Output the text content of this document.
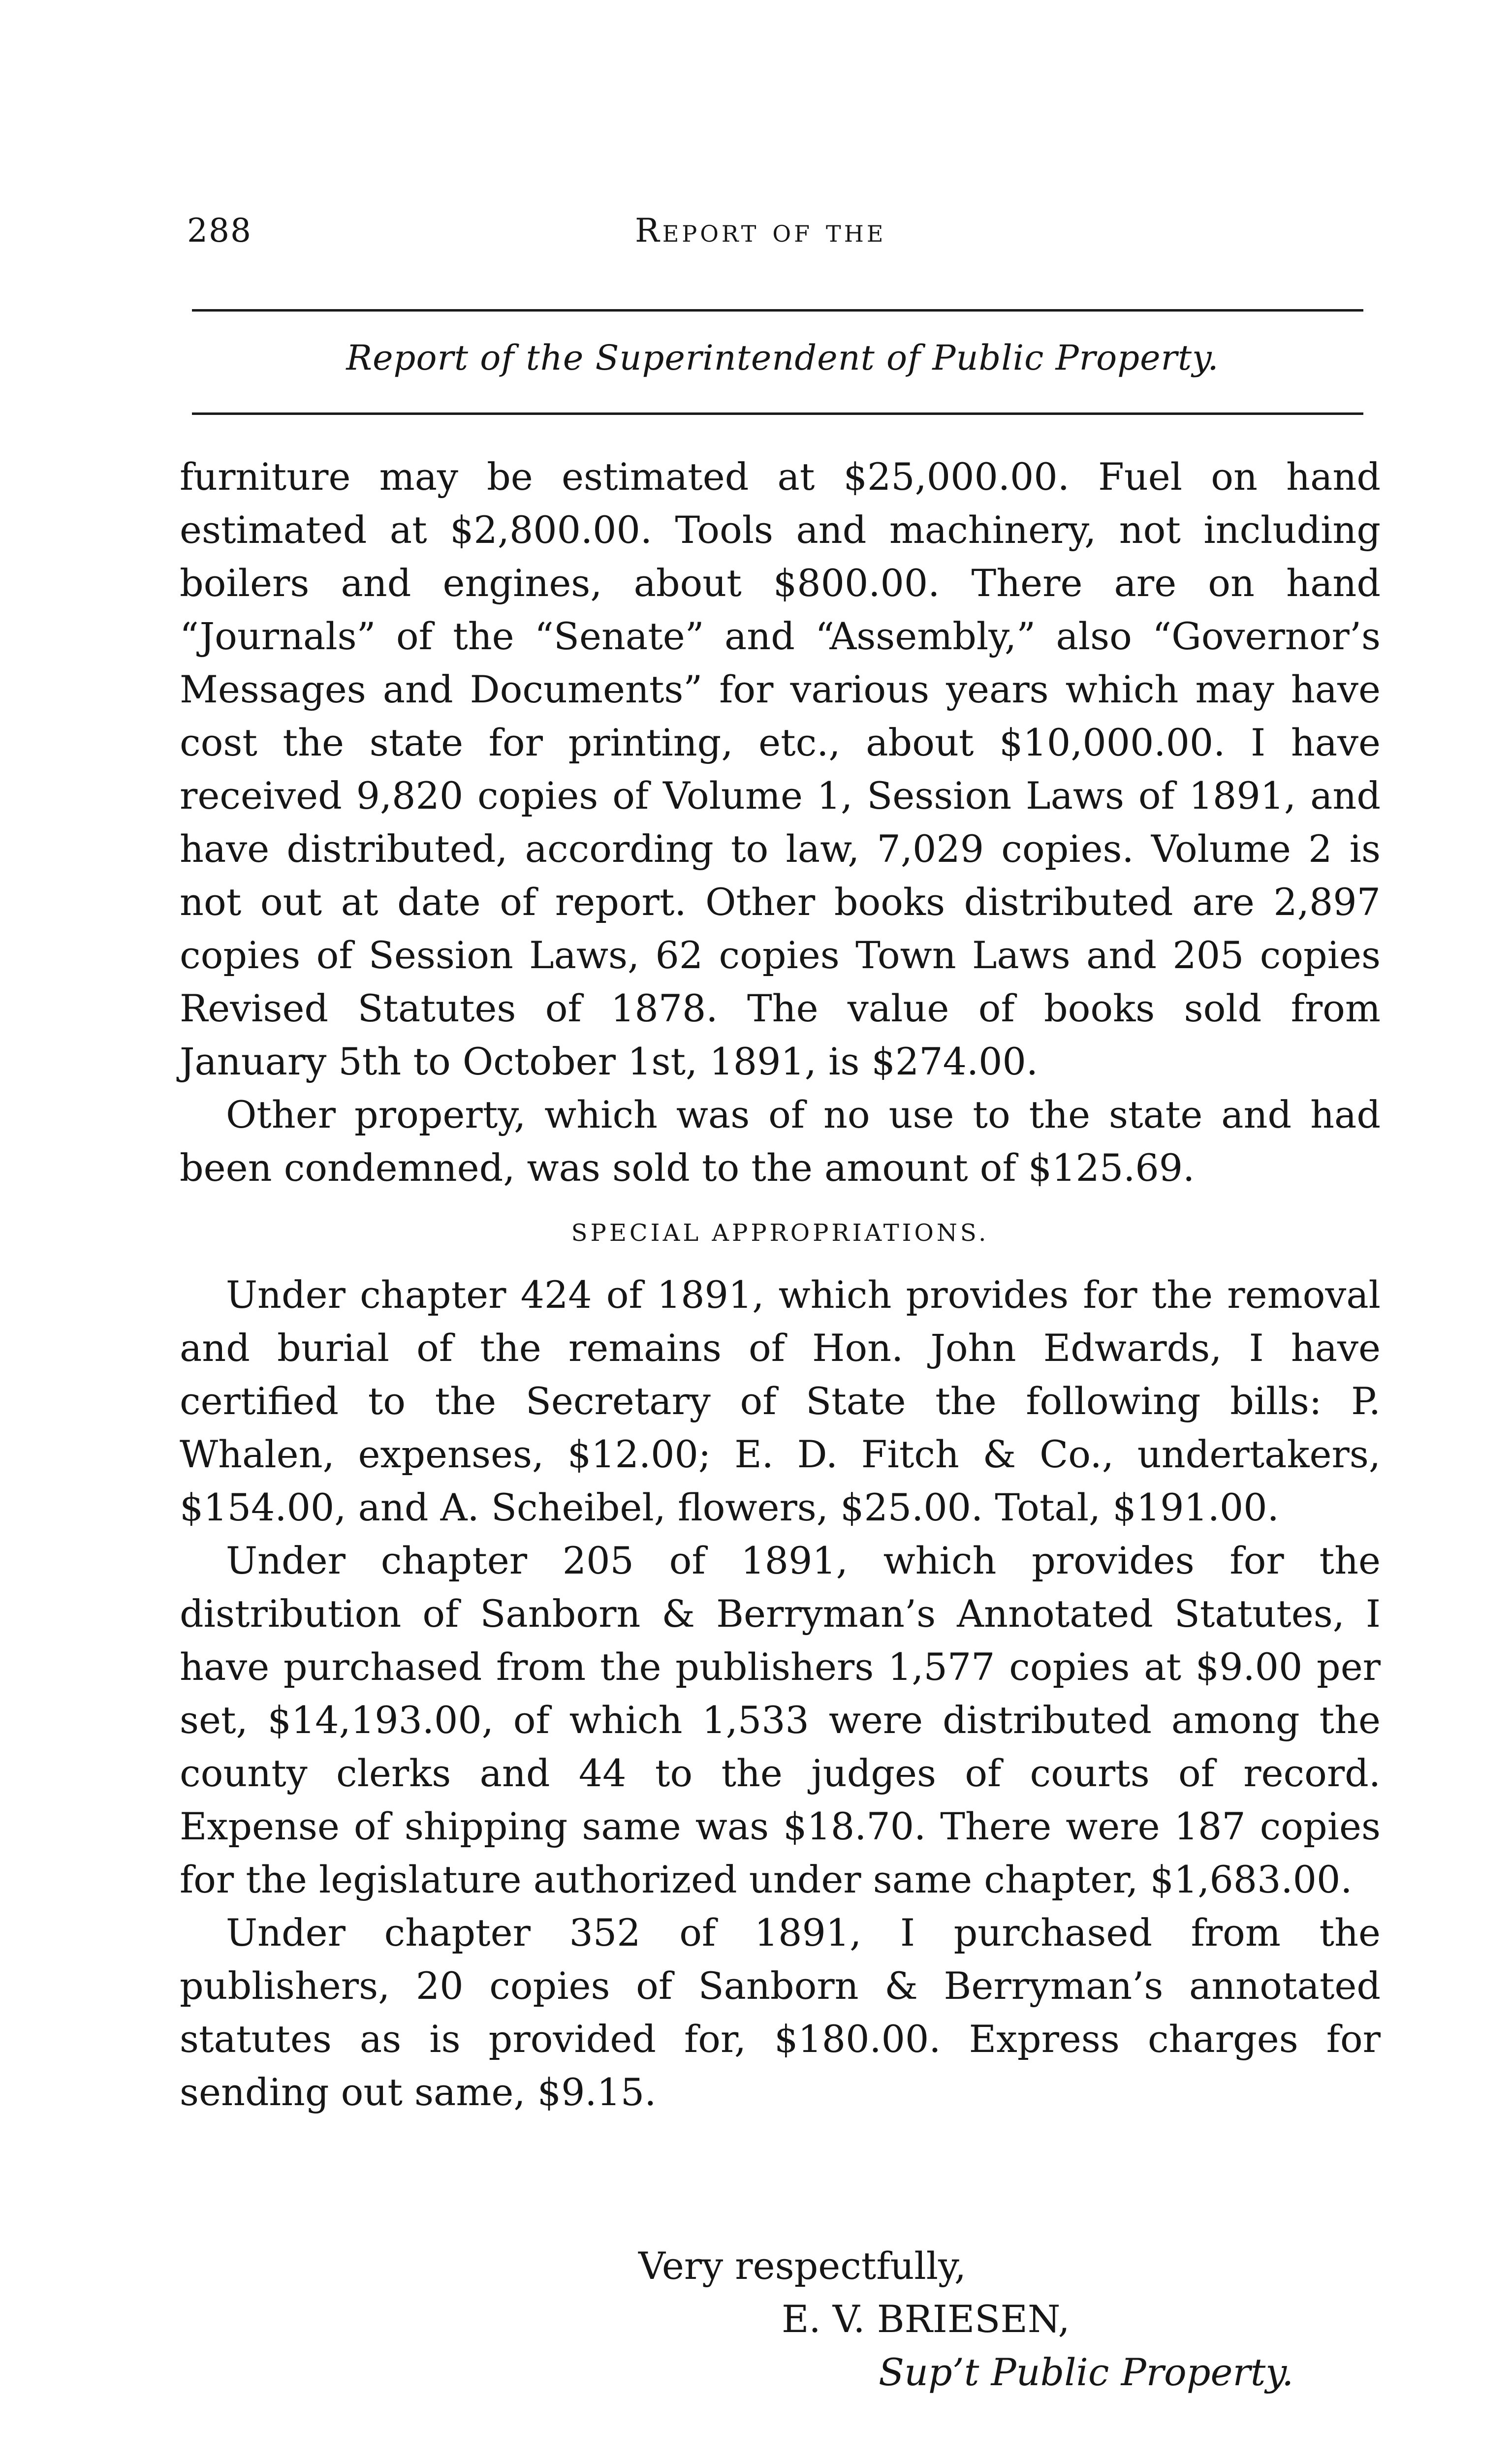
288	Report of the
Report of the Superintendent of Public Property.

furniture may be estimated at $25,000.00. Fuel on hand estimated at $2,800.00. Tools and machinery, not including boilers and engines, about $800.00. There are on hand “Journals” of the “Senate” and “Assembly,” also “Governor’s Messages and Documents” for various years which may have cost the state for printing, etc., about $10,000.00. I have received 9,820 copies of Volume 1, Session Laws of 1891, and have distributed, according to law, 7,029 copies. Volume 2 is not out at date of report. Other books distributed are 2,897 copies of Session Laws, 62 copies Town Laws and 205 copies Revised Statutes of 1878. The value of books sold from January 5th to October 1st, 1891, is $274.00.

Other property, which was of no use to the state and had been condemned, was sold to the amount of $125.69.

SPECIAL APPROPRIATIONS.

Under chapter 424 of 1891, which provides for the removal and burial of the remains of Hon. John Edwards, I have certified to the Secretary of State the following bills: P. Whalen, expenses, $12.00; E. D. Fitch & Co., undertakers, $154.00, and A. Scheibel, flowers, $25.00. Total, $191.00.

Under chapter 205 of 1891, which provides for the distribution of Sanborn & Berryman’s Annotated Statutes, I have purchased from the publishers 1,577 copies at $9.00 per set, $14,193.00, of which 1,533 were distributed among the county clerks and 44 to the judges of courts of record. Expense of shipping same was $18.70. There were 187 copies for the legislature authorized under same chapter, $1,683.00.

Under chapter 352 of 1891, I purchased from the publishers, 20 copies of Sanborn & Berryman’s annotated statutes as is provided for, $180.00. Express charges for sending out same, $9.15.

Very respectfully,
E. V. BRIESEN,
Sup’t Public Property.
